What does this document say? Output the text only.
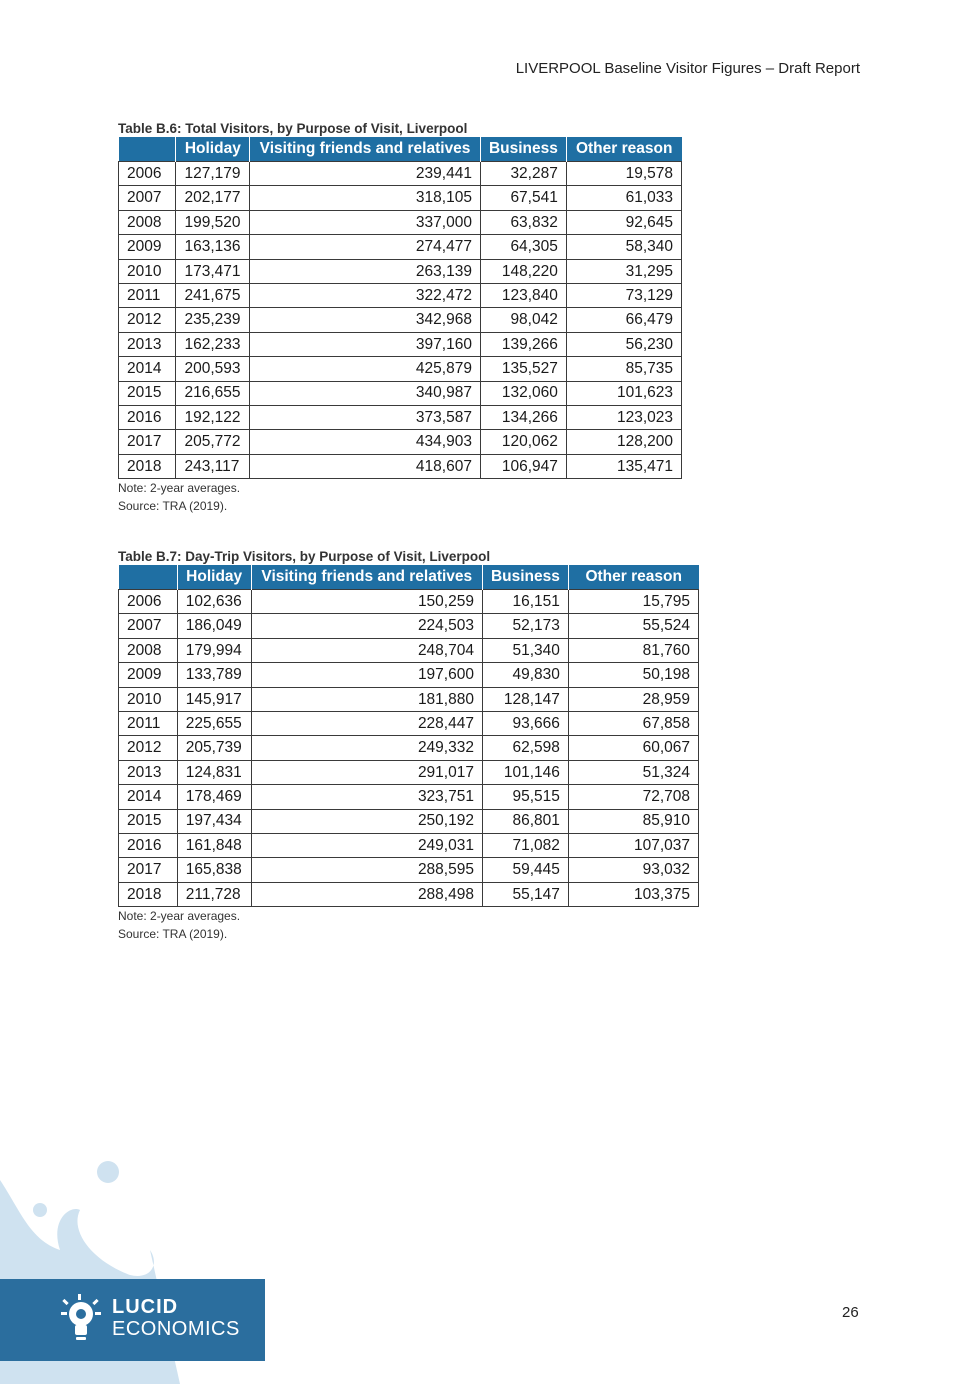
LIVERPOOL Baseline Visitor Figures – Draft Report
LUCID
ECONOMICS
26
Table B.6: Total Visitors, by Purpose of Visit, Liverpool
	Holiday	Visiting friends and relatives	Business	Other reason
2006	127,179	239,441	32,287	19,578
2007	202,177	318,105	67,541	61,033
2008	199,520	337,000	63,832	92,645
2009	163,136	274,477	64,305	58,340
2010	173,471	263,139	148,220	31,295
2011	241,675	322,472	123,840	73,129
2012	235,239	342,968	98,042	66,479
2013	162,233	397,160	139,266	56,230
2014	200,593	425,879	135,527	85,735
2015	216,655	340,987	132,060	101,623
2016	192,122	373,587	134,266	123,023
2017	205,772	434,903	120,062	128,200
2018	243,117	418,607	106,947	135,471
Note: 2-year averages.
Source: TRA (2019).
Table B.7: Day-Trip Visitors, by Purpose of Visit, Liverpool
	Holiday	Visiting friends and relatives	Business	Other reason
2006	102,636	150,259	16,151	15,795
2007	186,049	224,503	52,173	55,524
2008	179,994	248,704	51,340	81,760
2009	133,789	197,600	49,830	50,198
2010	145,917	181,880	128,147	28,959
2011	225,655	228,447	93,666	67,858
2012	205,739	249,332	62,598	60,067
2013	124,831	291,017	101,146	51,324
2014	178,469	323,751	95,515	72,708
2015	197,434	250,192	86,801	85,910
2016	161,848	249,031	71,082	107,037
2017	165,838	288,595	59,445	93,032
2018	211,728	288,498	55,147	103,375
Note: 2-year averages.
Source: TRA (2019).
